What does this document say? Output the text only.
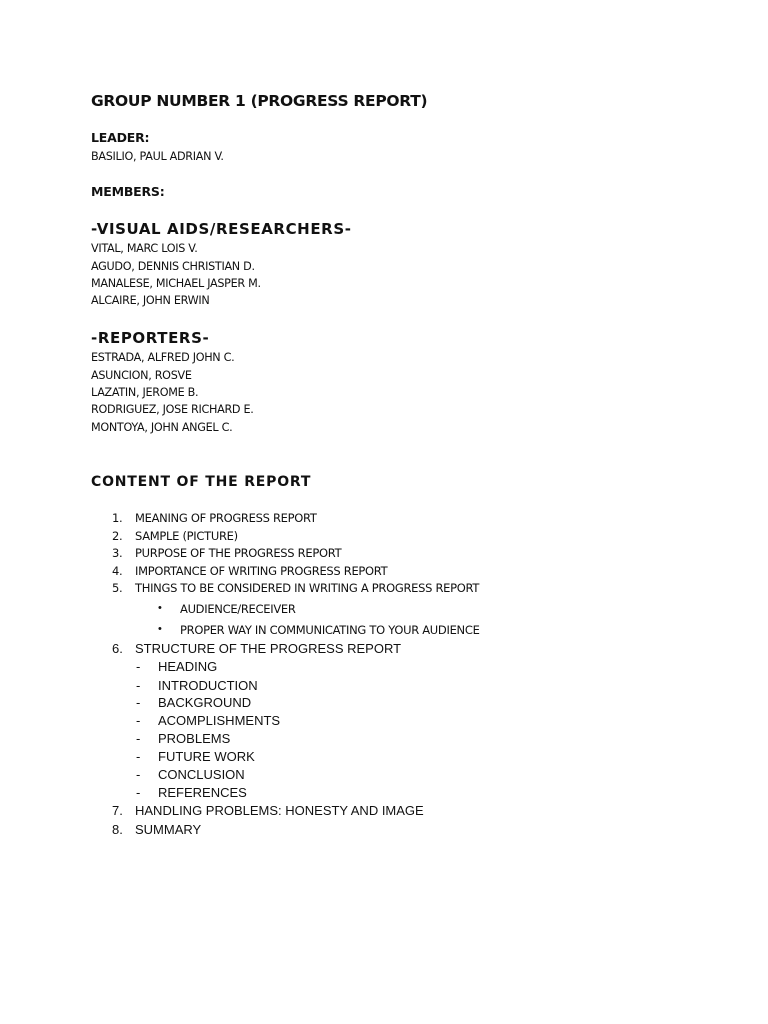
GROUP NUMBER 1 (PROGRESS REPORT)
LEADER:
BASILIO, PAUL ADRIAN V.
MEMBERS:
-VISUAL AIDS/RESEARCHERS-
VITAL, MARC LOIS V.
AGUDO, DENNIS CHRISTIAN D.
MANALESE, MICHAEL JASPER M.
ALCAIRE, JOHN ERWIN
-REPORTERS-
ESTRADA, ALFRED JOHN C.
ASUNCION, ROSVE
LAZATIN, JEROME B.
RODRIGUEZ, JOSE RICHARD E.
MONTOYA, JOHN ANGEL C.
CONTENT OF THE REPORT
1. MEANING OF PROGRESS REPORT
2. SAMPLE (PICTURE)
3. PURPOSE OF THE PROGRESS REPORT
4. IMPORTANCE OF WRITING PROGRESS REPORT
5. THINGS TO BE CONSIDERED IN WRITING A PROGRESS REPORT
• AUDIENCE/RECEIVER
• PROPER WAY IN COMMUNICATING TO YOUR AUDIENCE
6. STRUCTURE OF THE PROGRESS REPORT
- HEADING
- INTRODUCTION
- BACKGROUND
- ACOMPLISHMENTS
- PROBLEMS
- FUTURE WORK
- CONCLUSION
- REFERENCES
7. HANDLING PROBLEMS: HONESTY AND IMAGE
8. SUMMARY
